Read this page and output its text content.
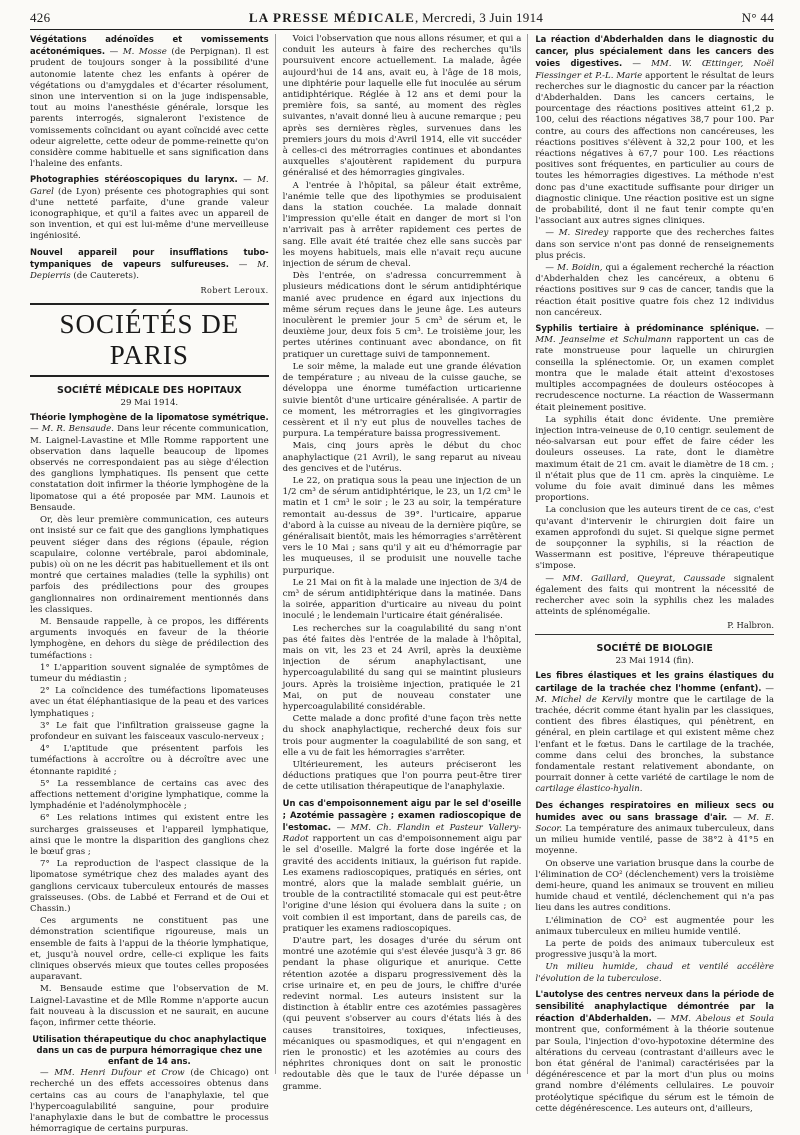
426	LA PRESSE MÉDICALE, Mercredi, 3 Juin 1914	N° 44

Végétations adénoïdes et vomissements acétonémiques. — M. Mosse (de Perpignan). Il est prudent de toujours songer à la possibilité d'une autonomie latente chez les enfants à opérer de végétations ou d'amygdales et d'écarter résolument, sinon une intervention si on la juge indispensable, tout au moins l'anesthésie générale, lorsque les parents interrogés, signaleront l'existence de vomissements coïncidant ou ayant coïncidé avec cette odeur aigrelette, cette odeur de pomme-reinette qu'on considère comme habituelle et sans signification dans l'haleine des enfants.

Photographies stéréoscopiques du larynx. — M. Garel (de Lyon) présente ces photographies qui sont d'une netteté parfaite, d'une grande valeur iconographique, et qu'il a faites avec un appareil de son invention, et qui est lui-même d'une merveilleuse ingéniosité.

Nouvel appareil pour insufflations tubo-tympaniques de vapeurs sulfureuses. — M. Depierris (de Cauterets).

Robert Leroux.
SOCIÉTÉS DE PARIS
SOCIÉTÉ MÉDICALE DES HOPITAUX
29 Mai 1914.

Théorie lymphogène de la lipomatose symétrique. — M. R. Bensaude. Dans leur récente communication, M. Laignel-Lavastine et Mlle Romme rapportent une observation dans laquelle beaucoup de lipomes observés ne correspondaient pas au siège d'élection des ganglions lymphatiques. Ils pensent que cette constatation doit infirmer la théorie lymphogène de la lipomatose qui a été proposée par MM. Launois et Bensaude.

Or, dès leur première communication, ces auteurs ont insisté sur ce fait que des ganglions lymphatiques peuvent siéger dans des régions (épaule, région scapulaire, colonne vertébrale, paroi abdominale, pubis) où on ne les décrit pas habituellement et ils ont montré que certaines maladies (telle la syphilis) ont parfois des prédilections pour des groupes ganglionnaires non ordinairement mentionnés dans les classiques.

M. Bensaude rappelle, à ce propos, les différents arguments invoqués en faveur de la théorie lymphogène, en dehors du siège de prédilection des tuméfactions :

1° L'apparition souvent signalée de symptômes de tumeur du médiastin ;

2° La coïncidence des tuméfactions lipomateuses avec un état éléphantiasique de la peau et des varices lymphatiques ;

3° Le fait que l'infiltration graisseuse gagne la profondeur en suivant les faisceaux vasculo-nerveux ;

4° L'aptitude que présentent parfois les tuméfactions à accroître ou à décroître avec une étonnante rapidité ;

5° La ressemblance de certains cas avec des affections nettement d'origine lymphatique, comme la lymphadénie et l'adénolymphocèle ;

6° Les relations intimes qui existent entre les surcharges graisseuses et l'appareil lymphatique, ainsi que le montre la disparition des ganglions chez le bœuf gras ;

7° La reproduction de l'aspect classique de la lipomatose symétrique chez des malades ayant des ganglions cervicaux tuberculeux entourés de masses graisseuses. (Obs. de Labbé et Ferrand et de Oui et Chassin.)

Ces arguments ne constituent pas une démonstration scientifique rigoureuse, mais un ensemble de faits à l'appui de la théorie lymphatique, et, jusqu'à nouvel ordre, celle-ci explique les faits cliniques observés mieux que toutes celles proposées auparavant.

M. Bensaude estime que l'observation de M. Laignel-Lavastine et de Mlle Romme n'apporte aucun fait nouveau à la discussion et ne saurait, en aucune façon, infirmer cette théorie.

Utilisation thérapeutique du choc anaphylactique dans un cas de purpura hémorragique chez une enfant de 14 ans.

— MM. Henri Dufour et Crow (de Chicago) ont recherché un des effets accessoires obtenus dans certains cas au cours de l'anaphylaxie, tel que l'hypercoagulabilité sanguine, pour produire l'anaphylaxie dans le but de combattre le processus hémorragique de certains purpuras.

Voici l'observation que nous allons résumer, et qui a conduit les auteurs à faire des recherches qu'ils poursuivent encore actuellement. La malade, âgée aujourd'hui de 14 ans, avait eu, à l'âge de 18 mois, une diphtérie pour laquelle elle fut inoculée au sérum antidiphtérique. Réglée à 12 ans et demi pour la première fois, sa santé, au moment des règles suivantes, n'avait donné lieu à aucune remarque ; peu après ses dernières règles, survenues dans les premiers jours du mois d'Avril 1914, elle vit succéder à celles-ci des métrorragies continues et abondantes auxquelles s'ajoutèrent rapidement du purpura généralisé et des hémorragies gingivales.

A l'entrée à l'hôpital, sa pâleur était extrême, l'anémie telle que des lipothymies se produisaient dans la station couchée. La malade donnait l'impression qu'elle était en danger de mort si l'on n'arrivait pas à arrêter rapidement ces pertes de sang. Elle avait été traitée chez elle sans succès par les moyens habituels, mais elle n'avait reçu aucune injection de sérum de cheval.

Dès l'entrée, on s'adressa concurremment à plusieurs médications dont le sérum antidiphtérique manié avec prudence en égard aux injections du même sérum reçues dans le jeune âge. Les auteurs inoculèrent le premier jour 5 cm³ de sérum et, le deuxième jour, deux fois 5 cm³. Le troisième jour, les pertes utérines continuant avec abondance, on fit pratiquer un curettage suivi de tamponnement.

Le soir même, la malade eut une grande élévation de température ; au niveau de la cuisse gauche, se développa une énorme tuméfaction urticarienne suivie bientôt d'une urticaire généralisée. A partir de ce moment, les métrorragies et les gingivorragies cessèrent et il n'y eut plus de nouvelles taches de purpura. La température baissa progressivement.

Mais, cinq jours après le début du choc anaphylactique (21 Avril), le sang reparut au niveau des gencives et de l'utérus.

Le 22, on pratiqua sous la peau une injection de un 1/2 cm³ de sérum antidiphtérique, le 23, un 1/2 cm³ le matin et 1 cm³ le soir ; le 23 au soir, la température remontait au-dessus de 39°. l'urticaire, apparue d'abord à la cuisse au niveau de la dernière piqûre, se généralisait bientôt, mais les hémorragies s'arrêtèrent vers le 10 Mai ; sans qu'il y ait eu d'hémorragie par les muqueuses, il se produisit une nouvelle tache purpurique.

Le 21 Mai on fit à la malade une injection de 3/4 de cm³ de sérum antidiphtérique dans la matinée. Dans la soirée, apparition d'urticaire au niveau du point inoculé ; le lendemain l'urticaire était généralisée.

Les recherches sur la coagulabilité du sang n'ont pas été faites dès l'entrée de la malade à l'hôpital, mais on vit, les 23 et 24 Avril, après la deuxième injection de sérum anaphylactisant, une hypercoagulabilité du sang qui se maintint plusieurs jours. Après la troisième injection, pratiquée le 21 Mai, on put de nouveau constater une hypercoagulabilité considérable.

Cette malade a donc profité d'une façon très nette du shock anaphylactique, recherché deux fois sur trois pour augmenter la coagulabilité de son sang, et elle a vu de fait les hémorragies s'arrêter.

Ultérieurement, les auteurs préciseront les déductions pratiques que l'on pourra peut-être tirer de cette utilisation thérapeutique de l'anaphylaxie.

Un cas d'empoisonnement aigu par le sel d'oseille ; Azotémie passagère ; examen radioscopique de l'estomac. — MM. Ch. Flandin et Pasteur Vallery-Radot rapportent un cas d'empoisonnement aigu par le sel d'oseille. Malgré la forte dose ingérée et la gravité des accidents initiaux, la guérison fut rapide. Les examens radioscopiques, pratiqués en séries, ont montré, alors que la malade semblait guérie, un trouble de la contractilité stomacale qui est peut-être l'origine d'une lésion qui évoluera dans la suite ; on voit combien il est important, dans de pareils cas, de pratiquer les examens radioscopiques.

D'autre part, les dosages d'urée du sérum ont montré une azotémie qui s'est élevée jusqu'à 3 gr. 86 pendant la phase oligurique et anurique. Cette rétention azotée a disparu progressivement dès la crise urinaire et, en peu de jours, le chiffre d'urée redevint normal. Les auteurs insistent sur la distinction à établir entre ces azotémies passagères (qui peuvent s'observer au cours d'états liés à des causes transitoires, toxiques, infectieuses, mécaniques ou spasmodiques, et qui n'engagent en rien le pronostic) et les azotémies au cours des néphrites chroniques dont on sait le pronostic redoutable dès que le taux de l'urée dépasse un gramme.

La réaction d'Abderhalden dans le diagnostic du cancer, plus spécialement dans les cancers des voies digestives. — MM. W. Œttinger, Noël Fiessinger et P.-L. Marie apportent le résultat de leurs recherches sur le diagnostic du cancer par la réaction d'Abderhalden. Dans les cancers certains, le pourcentage des réactions positives atteint 61,2 p. 100, celui des réactions négatives 38,7 pour 100. Par contre, au cours des affections non cancéreuses, les réactions positives s'élèvent à 32,2 pour 100, et les réactions négatives à 67,7 pour 100. Les réactions positives sont fréquentes, en particulier au cours de toutes les hémorragies digestives. La méthode n'est donc pas d'une exactitude suffisante pour diriger un diagnostic clinique. Une réaction positive est un signe de probabilité, dont il ne faut tenir compte qu'en l'associant aux autres signes cliniques.

— M. Siredey rapporte que des recherches faites dans son service n'ont pas donné de renseignements plus précis.

— M. Boidin, qui a également recherché la réaction d'Abderhalden chez les cancéreux, a obtenu 6 réactions positives sur 9 cas de cancer, tandis que la réaction était positive quatre fois chez 12 individus non cancéreux.

Syphilis tertiaire à prédominance splénique. — MM. Jeanselme et Schulmann rapportent un cas de rate monstrueuse pour laquelle un chirurgien conseilla la splénectomie. Or, un examen complet montra que le malade était atteint d'exostoses multiples accompagnées de douleurs ostéocopes à recrudescence nocturne. La réaction de Wassermann était pleinement positive.

La syphilis était donc évidente. Une première injection intra-veineuse de 0,10 centigr. seulement de néo-salvarsan eut pour effet de faire céder les douleurs osseuses. La rate, dont le diamètre maximum était de 21 cm. avait le diamètre de 18 cm. ; il n'était plus que de 11 cm. après la cinquième. Le volume du foie avait diminué dans les mêmes proportions.

La conclusion que les auteurs tirent de ce cas, c'est qu'avant d'intervenir le chirurgien doit faire un examen approfondi du sujet. Si quelque signe permet de soupçonner la syphilis, si la réaction de Wassermann est positive, l'épreuve thérapeutique s'impose.

— MM. Gaillard, Queyrat, Caussade signalent également des faits qui montrent la nécessité de rechercher avec soin la syphilis chez les malades atteints de splénomégalie.

P. Halbron.
SOCIÉTÉ DE BIOLOGIE
23 Mai 1914 (fin).

Les fibres élastiques et les grains élastiques du cartilage de la trachée chez l'homme (enfant). — M. Michel de Kervily montre que le cartilage de la trachée, décrit comme étant hyalin par les classiques, contient des fibres élastiques, qui pénètrent, en général, en plein cartilage et qui existent même chez l'enfant et le fœtus. Dans le cartilage de la trachée, comme dans celui des bronches, la substance fondamentale restant relativement abondante, on pourrait donner à cette variété de cartilage le nom de cartilage élastico-hyalin.

Des échanges respiratoires en milieux secs ou humides avec ou sans brassage d'air. — M. E. Socor. La température des animaux tuberculeux, dans un milieu humide ventilé, passe de 38°2 à 41°5 en moyenne.

On observe une variation brusque dans la courbe de l'élimination de CO² (déclenchement) vers la troisième demi-heure, quand les animaux se trouvent en milieu humide chaud et ventilé, déclenchement qui n'a pas lieu dans les autres conditions.

L'élimination de CO² est augmentée pour les animaux tuberculeux en milieu humide ventilé.

La perte de poids des animaux tuberculeux est progressive jusqu'à la mort.

Un milieu humide, chaud et ventilé accélère l'évolution de la tuberculose.

L'autolyse des centres nerveux dans la période de sensibilité anaphylactique démontrée par la réaction d'Abderhalden. — MM. Abelous et Soula montrent que, conformément à la théorie soutenue par Soula, l'injection d'ovo-hypotoxine détermine des altérations du cerveau (contrastant d'ailleurs avec le bon état général de l'animal) caractérisées par la dégénérescence et par la mort d'un plus ou moins grand nombre d'éléments cellulaires. Le pouvoir protéolytique spécifique du sérum est le témoin de cette dégénérescence. Les auteurs ont, d'ailleurs,
